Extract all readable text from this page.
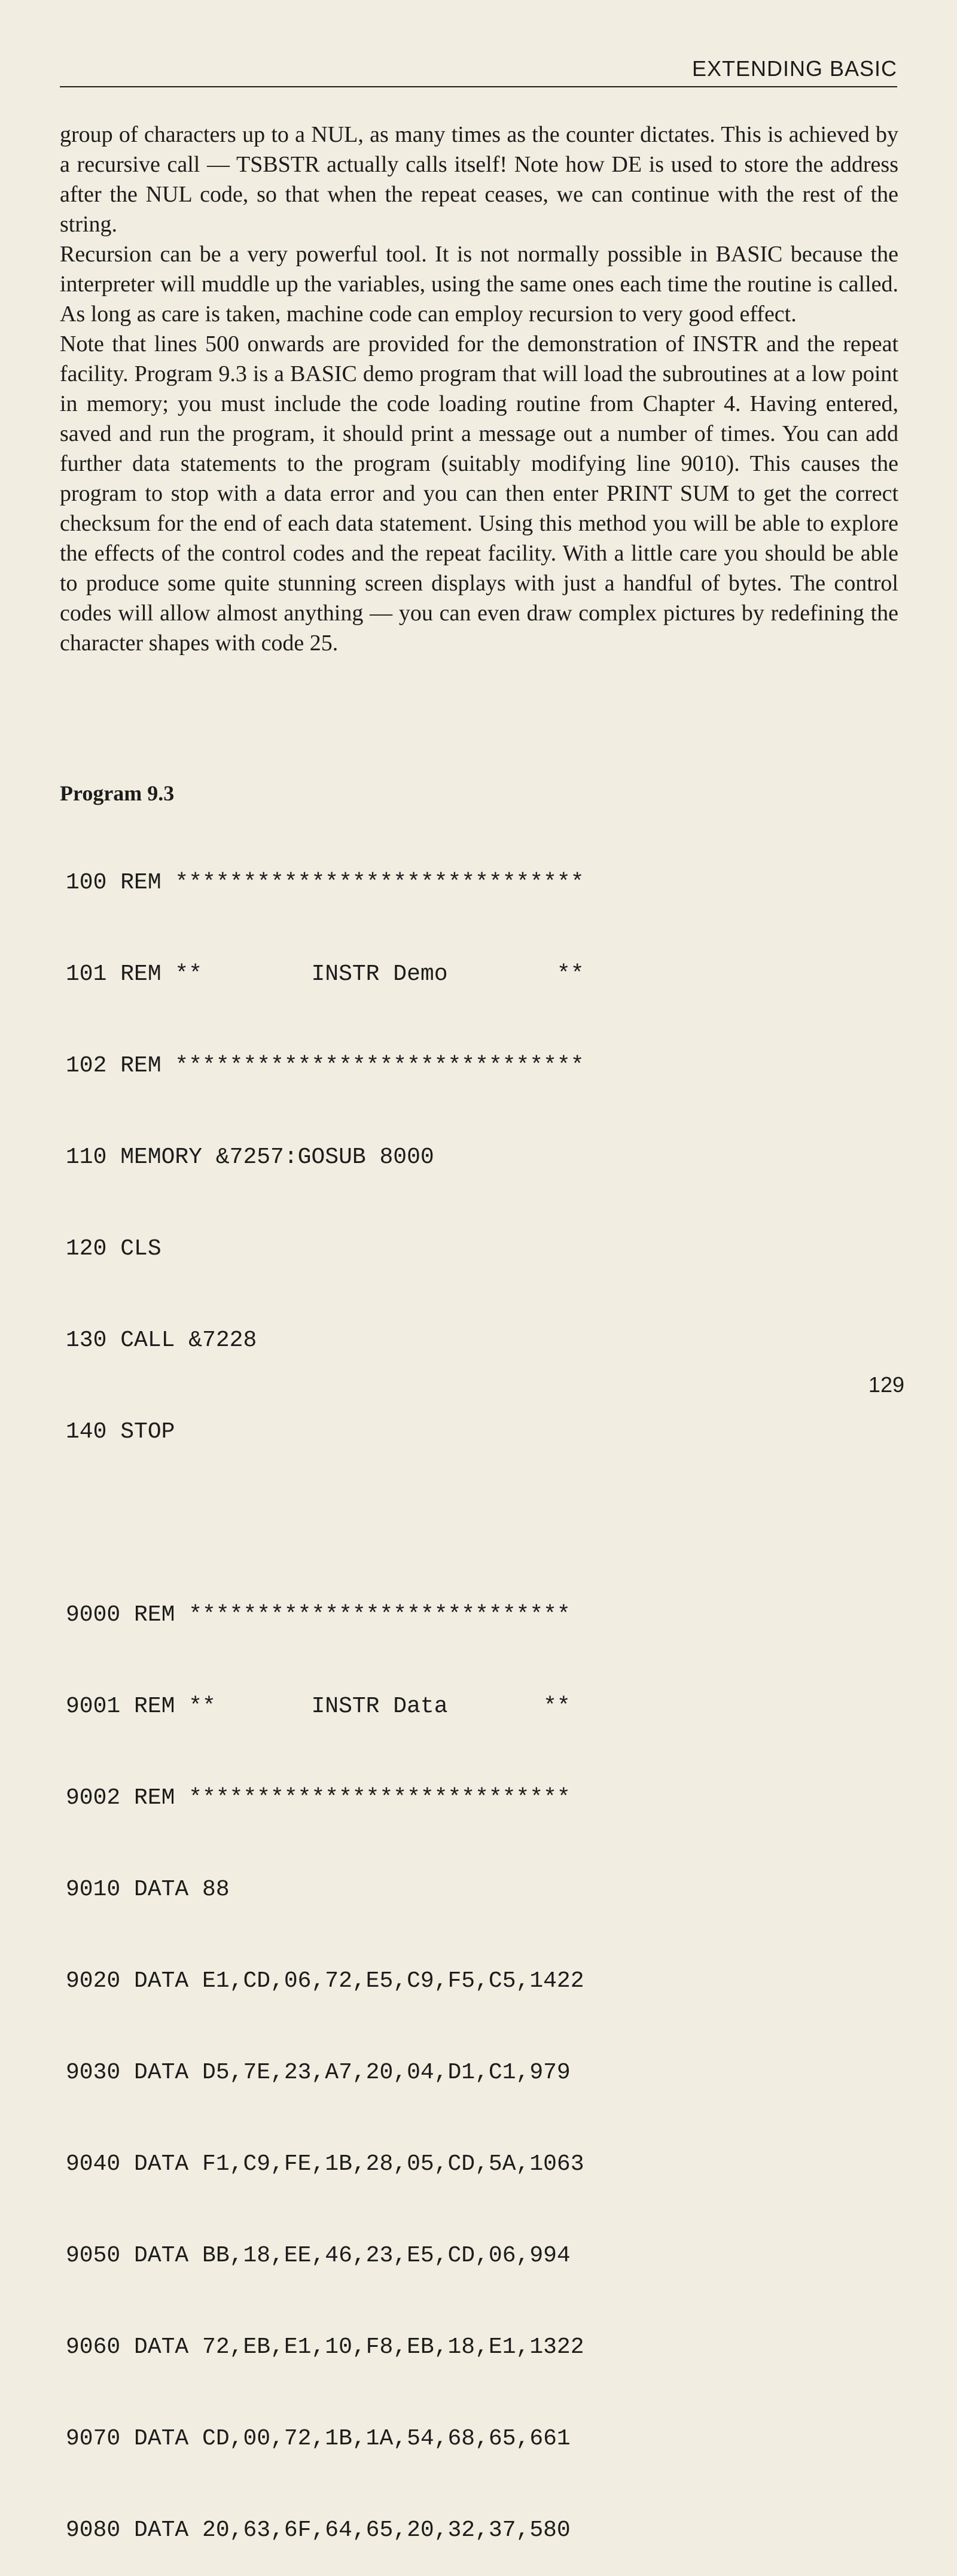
EXTENDING BASIC

group of characters up to a NUL, as many times as the counter dictates. This is achieved by a recursive call — TSBSTR actually calls itself! Note how DE is used to store the address after the NUL code, so that when the repeat ceases, we can continue with the rest of the string.

Recursion can be a very powerful tool. It is not normally possible in BASIC because the interpreter will muddle up the variables, using the same ones each time the routine is called. As long as care is taken, machine code can employ recursion to very good effect.

Note that lines 500 onwards are provided for the demonstration of INSTR and the repeat facility. Program 9.3 is a BASIC demo program that will load the subroutines at a low point in memory; you must include the code loading routine from Chapter 4. Having entered, saved and run the program, it should print a message out a number of times. You can add further data statements to the program (suitably modifying line 9010). This causes the program to stop with a data error and you can then enter PRINT SUM to get the correct checksum for the end of each data statement. Using this method you will be able to explore the effects of the control codes and the repeat facility. With a little care you should be able to produce some quite stunning screen displays with just a handful of bytes. The control codes will allow almost anything — you can even draw complex pictures by redefining the character shapes with code 25.

Program 9.3

100 REM ******************************

101 REM **        INSTR Demo        **

102 REM ******************************

110 MEMORY &7257:GOSUB 8000

120 CLS

130 CALL &7228

140 STOP

9000 REM ****************************

9001 REM **       INSTR Data       **

9002 REM ****************************

9010 DATA 88

9020 DATA E1,CD,06,72,E5,C9,F5,C5,1422

9030 DATA D5,7E,23,A7,20,04,D1,C1,979

9040 DATA F1,C9,FE,1B,28,05,CD,5A,1063

9050 DATA BB,18,EE,46,23,E5,CD,06,994

9060 DATA 72,EB,E1,10,F8,EB,18,E1,1322

9070 DATA CD,00,72,1B,1A,54,68,65,661

9080 DATA 20,63,6F,64,65,20,32,37,580

129
